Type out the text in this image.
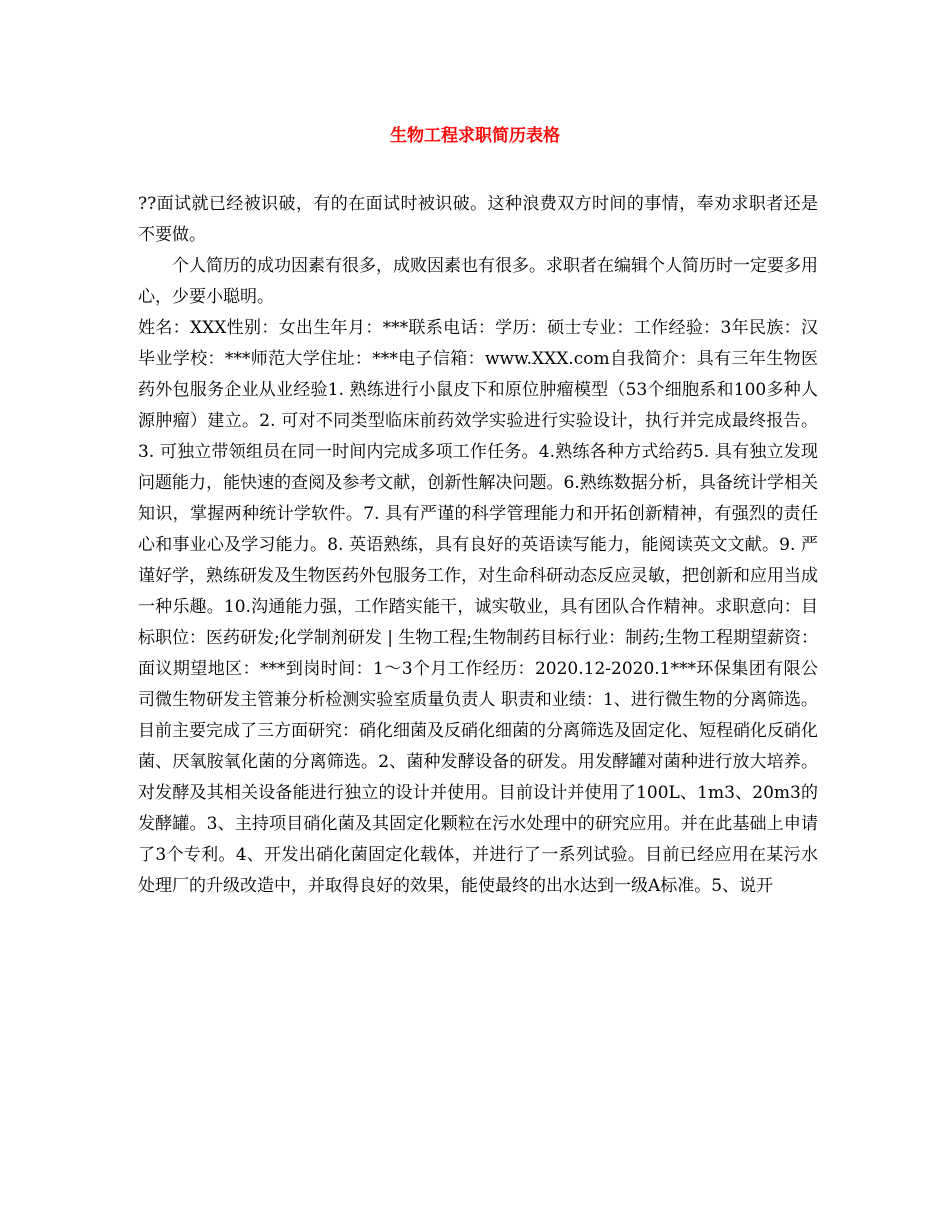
生物工程求职简历表格

??面试就已经被识破，有的在面试时被识破。这种浪费双方时间的事情，奉劝求职者还是不要做。

个人简历的成功因素有很多，成败因素也有很多。求职者在编辑个人简历时一定要多用心，少要小聪明。

姓名：XXX性别：女出生年月：***联系电话：学历：硕士专业：工作经验：3年民族：汉毕业学校：***师范大学住址：***电子信箱：www.XXX.com自我简介：具有三年生物医药外包服务企业从业经验1. 熟练进行小鼠皮下和原位肿瘤模型（53个细胞系和100多种人源肿瘤）建立。2. 可对不同类型临床前药效学实验进行实验设计，执行并完成最终报告。3. 可独立带领组员在同一时间内完成多项工作任务。4.熟练各种方式给药5. 具有独立发现问题能力，能快速的查阅及参考文献，创新性解决问题。6.熟练数据分析，具备统计学相关知识，掌握两种统计学软件。7. 具有严谨的科学管理能力和开拓创新精神，有强烈的责任心和事业心及学习能力。8. 英语熟练，具有良好的英语读写能力，能阅读英文文献。9. 严谨好学，熟练研发及生物医药外包服务工作，对生命科研动态反应灵敏，把创新和应用当成一种乐趣。10.沟通能力强，工作踏实能干，诚实敬业，具有团队合作精神。求职意向：目标职位：医药研发;化学制剂研发 | 生物工程;生物制药目标行业：制药;生物工程期望薪资：面议期望地区：***到岗时间：1～3个月工作经历：2020.12-2020.1***环保集团有限公司微生物研发主管兼分析检测实验室质量负责人 职责和业绩：1、进行微生物的分离筛选。目前主要完成了三方面研究：硝化细菌及反硝化细菌的分离筛选及固定化、短程硝化反硝化菌、厌氧胺氧化菌的分离筛选。2、菌种发酵设备的研发。用发酵罐对菌种进行放大培养。对发酵及其相关设备能进行独立的设计并使用。目前设计并使用了100L、1m3、20m3的发酵罐。3、主持项目硝化菌及其固定化颗粒在污水处理中的研究应用。并在此基础上申请了3个专利。4、开发出硝化菌固定化载体，并进行了一系列试验。目前已经应用在某污水处理厂的升级改造中，并取得良好的效果，能使最终的出水达到一级A标准。5、说开
